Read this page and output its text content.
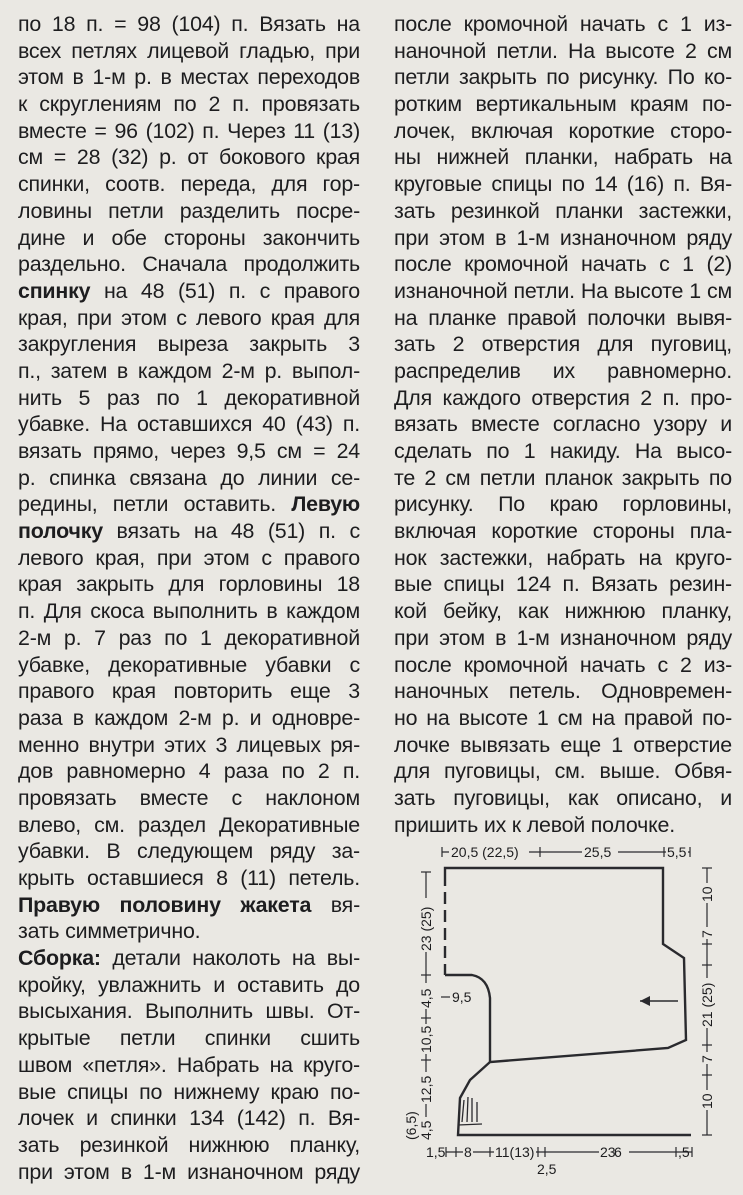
по 18 п. = 98 (104) п. Вязать на
всех петлях лицевой гладью, при
этом в 1-м р. в местах переходов
к скруглениям по 2 п. провязать
вместе = 96 (102) п. Через 11 (13)
см = 28 (32) р. от бокового края
спинки, соотв. переда, для гор-
ловины петли разделить посре-
дине и обе стороны закончить
раздельно. Сначала продолжить
спинку на 48 (51) п. с правого
края, при этом с левого края для
закругления выреза закрыть 3
п., затем в каждом 2-м р. выпол-
нить 5 раз по 1 декоративной
убавке. На оставшихся 40 (43) п.
вязать прямо, через 9,5 см = 24
р. спинка связана до линии се-
редины, петли оставить. Левую
полочку вязать на 48 (51) п. с
левого края, при этом с правого
края закрыть для горловины 18
п. Для скоса выполнить в каждом
2-м р. 7 раз по 1 декоративной
убавке, декоративные убавки с
правого края повторить еще 3
раза в каждом 2-м р. и одновре-
менно внутри этих 3 лицевых ря-
дов равномерно 4 раза по 2 п.
провязать вместе с наклоном
влево, см. раздел Декоративные
убавки. В следующем ряду за-
крыть оставшиеся 8 (11) петель.
Правую половину жакета вя-
зать симметрично.
Сборка: детали наколоть на вы-
кройку, увлажнить и оставить до
высыхания. Выполнить швы. От-
крытые петли спинки сшить
швом «петля». Набрать на круго-
вые спицы по нижнему краю по-
лочек и спинки 134 (142) п. Вя-
зать резинкой нижнюю планку,
при этом в 1-м изнаночном ряду
после кромочной начать с 1 из-
наночной петли. На высоте 2 см
петли закрыть по рисунку. По ко-
ротким вертикальным краям по-
лочек, включая короткие сторо-
ны нижней планки, набрать на
круговые спицы по 14 (16) п. Вя-
зать резинкой планки застежки,
при этом в 1-м изнаночном ряду
после кромочной начать с 1 (2)
изнаночной петли. На высоте 1 см
на планке правой полочки вывя-
зать 2 отверстия для пуговиц,
распределив их равномерно.
Для каждого отверстия 2 п. про-
вязать вместе согласно узору и
сделать по 1 накиду. На высо-
те 2 см петли планок закрыть по
рисунку. По краю горловины,
включая короткие стороны пла-
нок застежки, набрать на круго-
вые спицы 124 п. Вязать резин-
кой бейку, как нижнюю планку,
при этом в 1-м изнаночном ряду
после кромочной начать с 2 из-
наночных петель. Одновремен-
но на высоте 1 см на правой по-
лочке вывязать еще 1 отверстие
для пуговицы, см. выше. Обвя-
зать пуговицы, как описано, и
пришить их к левой полочке.
20,5 (22,5)	25,5	5,5
23 (25)
4,5
10,5
12,5
4,5
(6,5)
9,5
10
7
21 (25)
7
10
1,5 8 11(13)
2,5
23
6	,5
